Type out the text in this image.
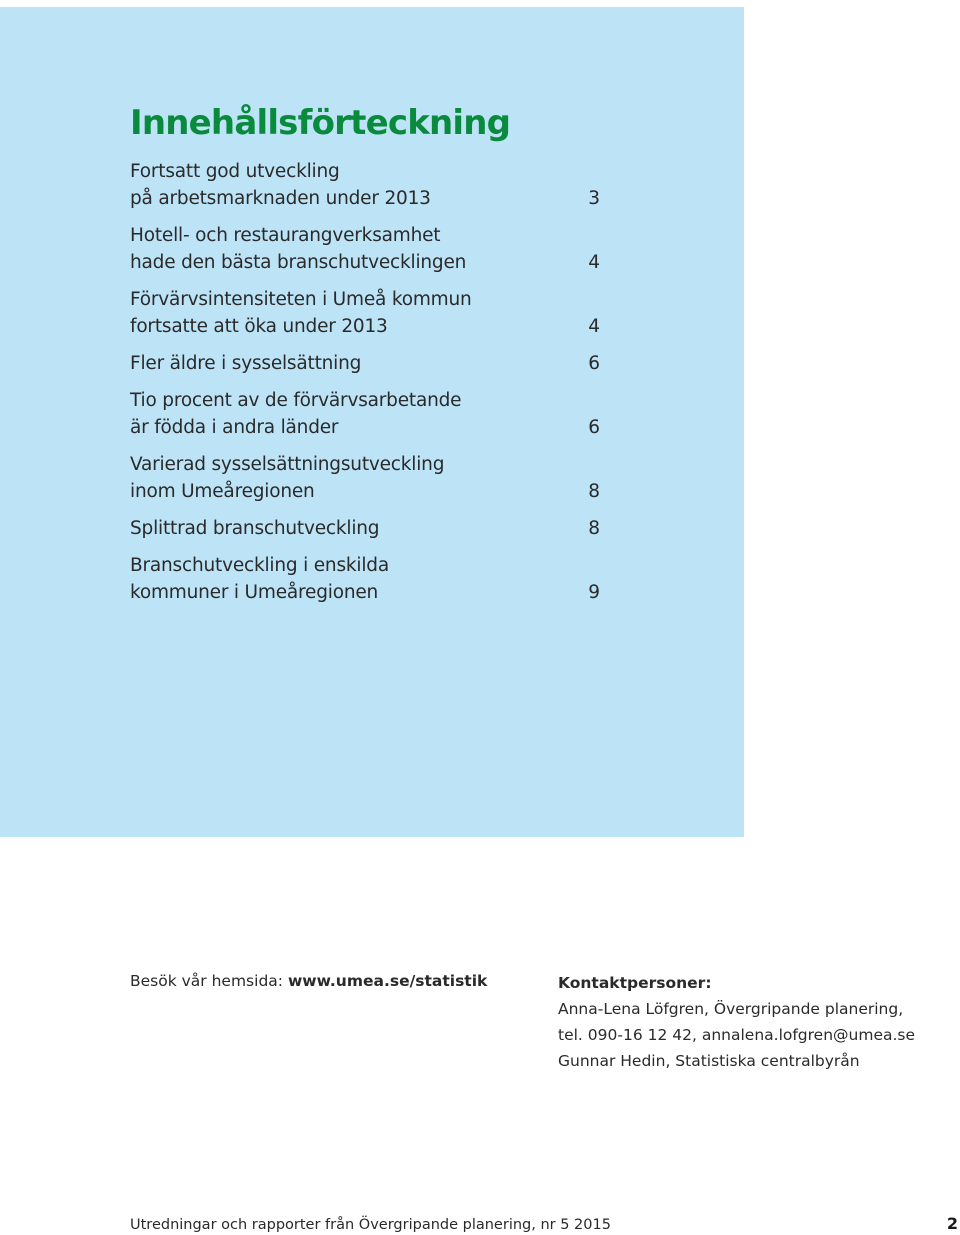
Innehållsförteckning
Fortsatt god utveckling
på arbetsmarknaden under 2013	3
Hotell- och restaurangverksamhet
hade den bästa branschutvecklingen	4
Förvärvsintensiteten i Umeå kommun
fortsatte att öka under 2013	4
Fler äldre i sysselsättning	6
Tio procent av de förvärvsarbetande
är födda i andra länder	6
Varierad sysselsättningsutveckling
inom Umeåregionen	8
Splittrad branschutveckling	8
Branschutveckling i enskilda
kommuner i Umeåregionen	9
Besök vår hemsida: www.umea.se/statistik	Kontaktpersoner:
Anna-Lena Löfgren, Övergripande planering,
tel. 090-16 12 42, annalena.lofgren@umea.se
Gunnar Hedin, Statistiska centralbyrån
Utredningar och rapporter från Övergripande planering, nr 5 2015	2
